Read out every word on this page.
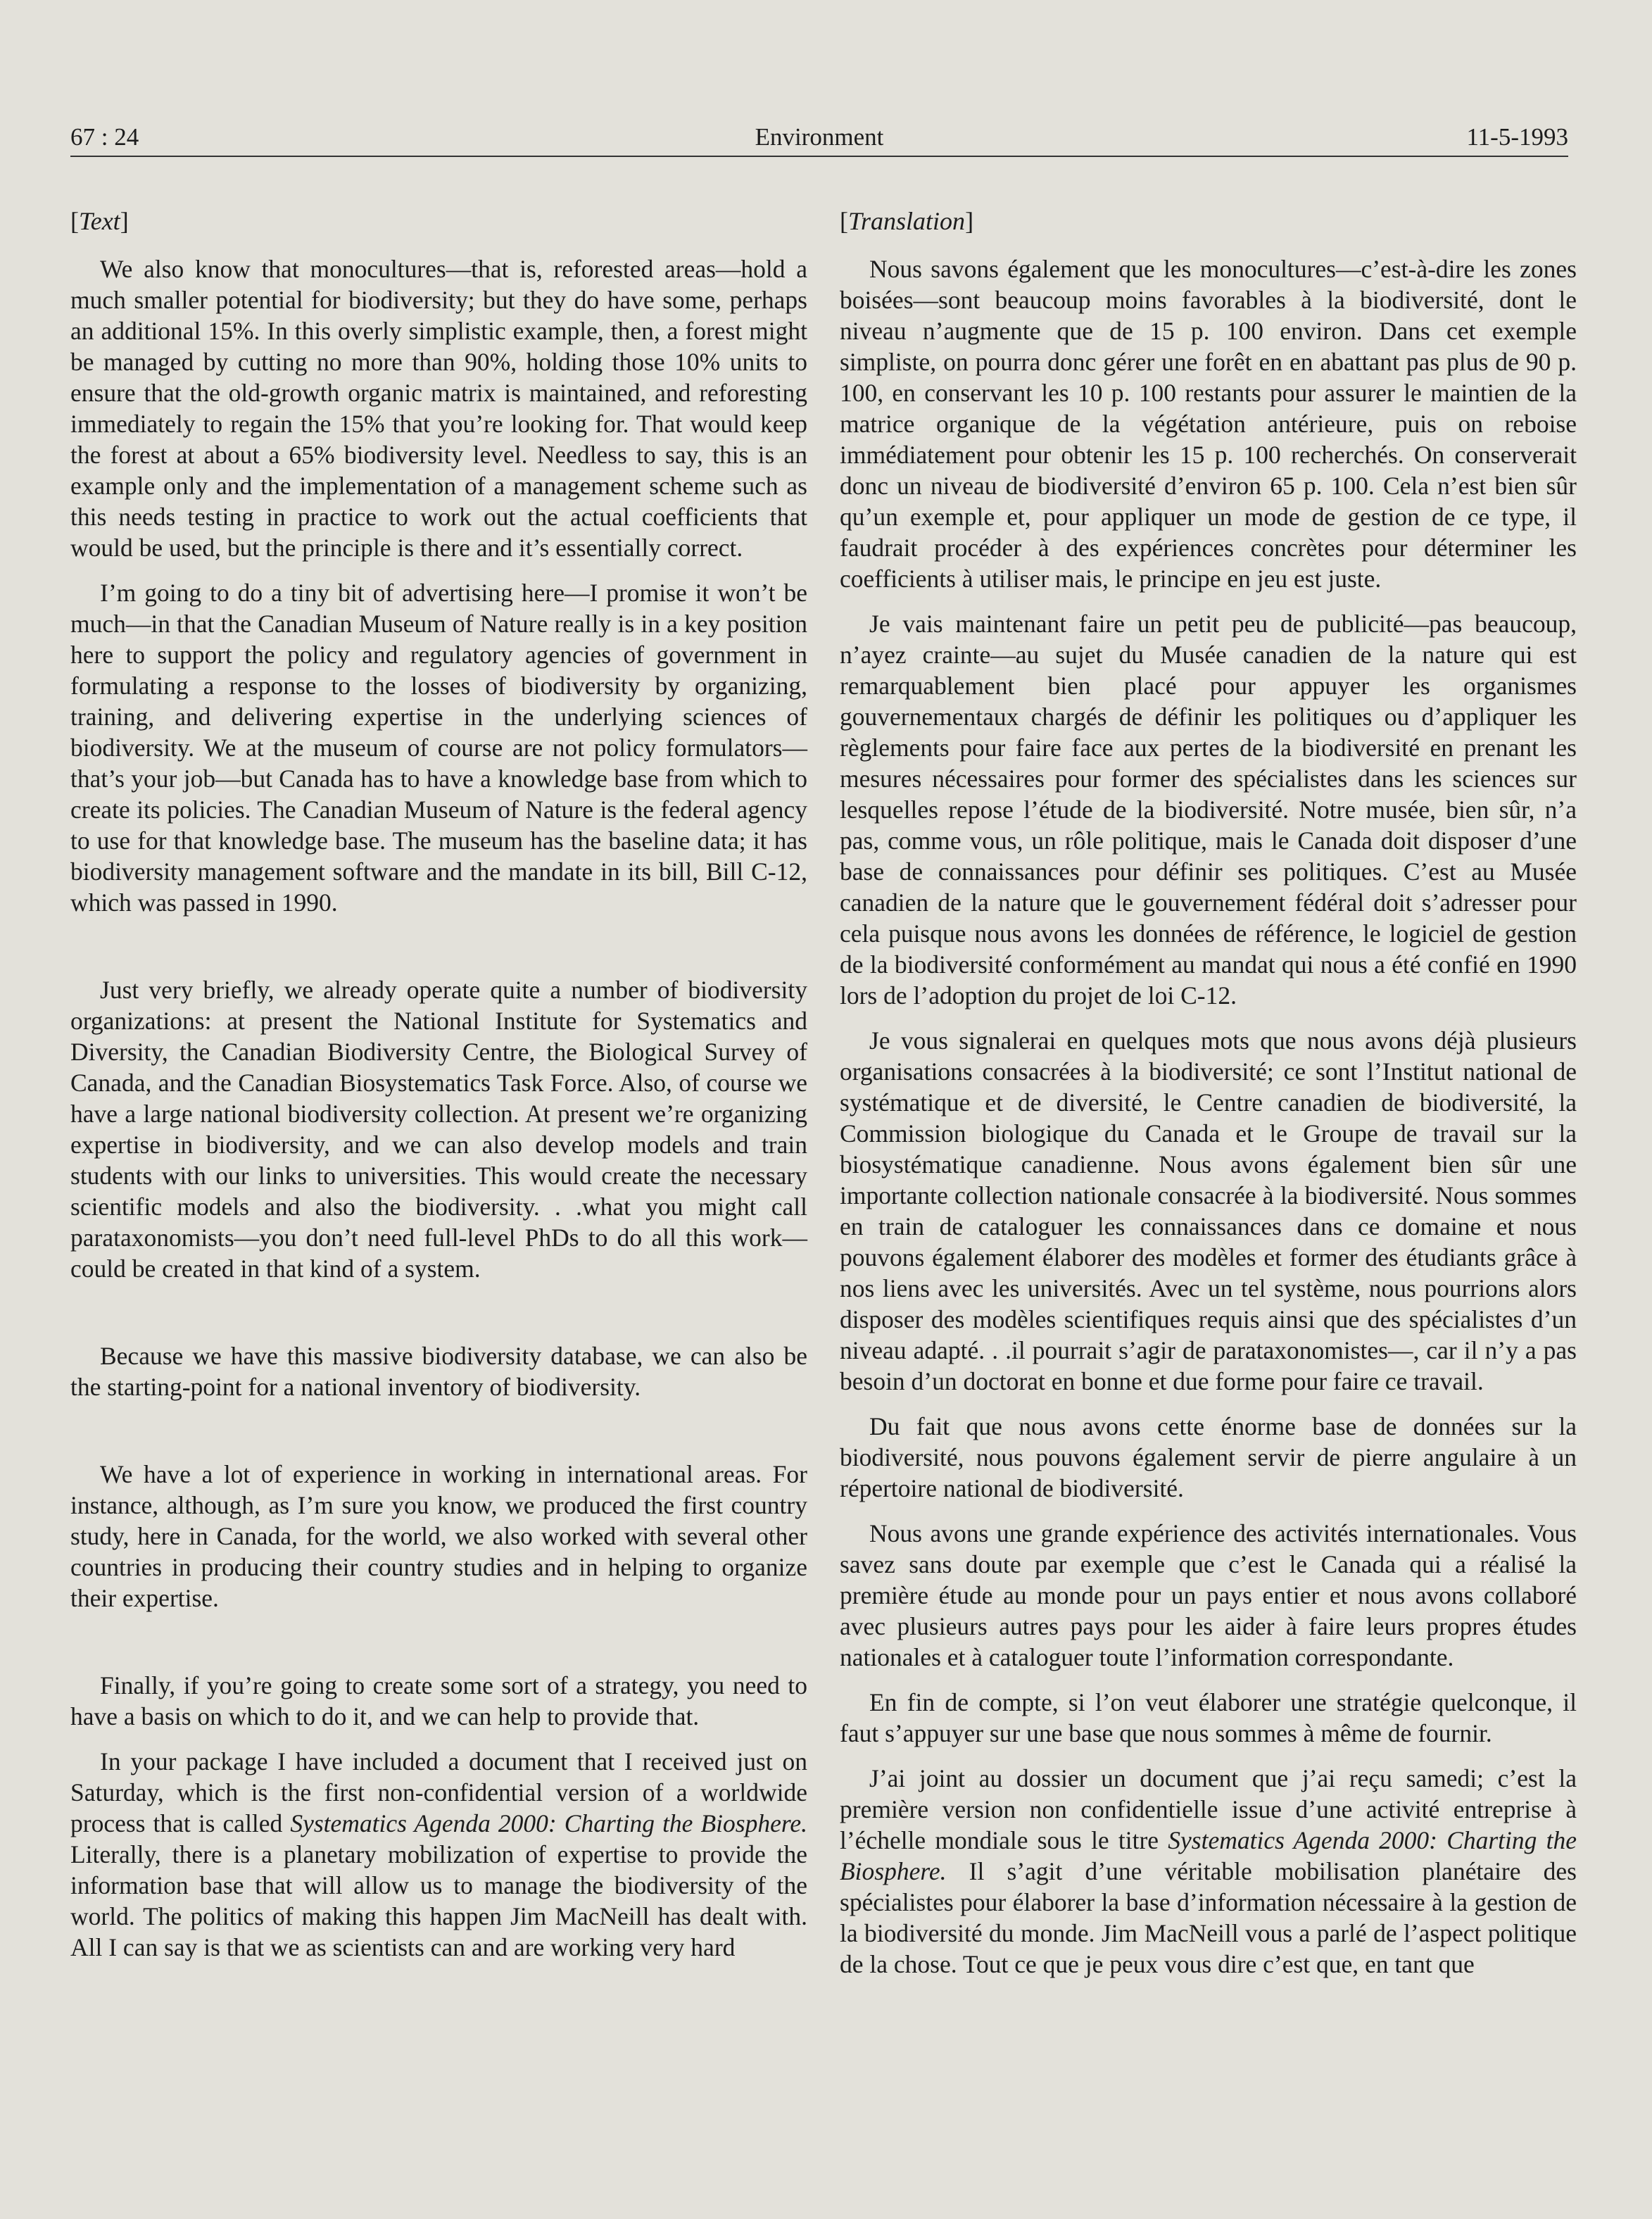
67 : 24	Environment	11-5-1993
[Text]

We also know that monocultures—that is, reforested areas—hold a much smaller potential for biodiversity; but they do have some, perhaps an additional 15%. In this overly simplistic example, then, a forest might be managed by cutting no more than 90%, holding those 10% units to ensure that the old-growth organic matrix is maintained, and reforesting immediately to regain the 15% that you’re looking for. That would keep the forest at about a 65% biodiversity level. Needless to say, this is an example only and the implementation of a management scheme such as this needs testing in practice to work out the actual coefficients that would be used, but the principle is there and it’s essentially correct.

I’m going to do a tiny bit of advertising here—I promise it won’t be much—in that the Canadian Museum of Nature really is in a key position here to support the policy and regulatory agencies of government in formulating a response to the losses of biodiversity by organizing, training, and delivering expertise in the underlying sciences of biodiversity. We at the museum of course are not policy formulators—that’s your job—but Canada has to have a knowledge base from which to create its policies. The Canadian Museum of Nature is the federal agency to use for that knowledge base. The museum has the baseline data; it has biodiversity management software and the mandate in its bill, Bill C-12, which was passed in 1990.

Just very briefly, we already operate quite a number of biodiversity organizations: at present the National Institute for Systematics and Diversity, the Canadian Biodiversity Centre, the Biological Survey of Canada, and the Canadian Biosystematics Task Force. Also, of course we have a large national biodiversity collection. At present we’re organizing expertise in biodiversity, and we can also develop models and train students with our links to universities. This would create the necessary scientific models and also the biodiversity. . .what you might call parataxonomists—you don’t need full-level PhDs to do all this work—could be created in that kind of a system.

Because we have this massive biodiversity database, we can also be the starting-point for a national inventory of biodiversity.

We have a lot of experience in working in international areas. For instance, although, as I’m sure you know, we produced the first country study, here in Canada, for the world, we also worked with several other countries in producing their country studies and in helping to organize their expertise.

Finally, if you’re going to create some sort of a strategy, you need to have a basis on which to do it, and we can help to provide that.

In your package I have included a document that I received just on Saturday, which is the first non-confidential version of a worldwide process that is called Systematics Agenda 2000: Charting the Biosphere. Literally, there is a planetary mobilization of expertise to provide the information base that will allow us to manage the biodiversity of the world. The politics of making this happen Jim MacNeill has dealt with. All I can say is that we as scientists can and are working very hard

[Translation]

Nous savons également que les monocultures—c’est-à-dire les zones boisées—sont beaucoup moins favorables à la biodiversité, dont le niveau n’augmente que de 15 p. 100 environ. Dans cet exemple simpliste, on pourra donc gérer une forêt en en abattant pas plus de 90 p. 100, en conservant les 10 p. 100 restants pour assurer le maintien de la matrice organique de la végétation antérieure, puis on reboise immédiatement pour obtenir les 15 p. 100 recherchés. On conserverait donc un niveau de biodiversité d’environ 65 p. 100. Cela n’est bien sûr qu’un exemple et, pour appliquer un mode de gestion de ce type, il faudrait procéder à des expériences concrètes pour déterminer les coefficients à utiliser mais, le principe en jeu est juste.

Je vais maintenant faire un petit peu de publicité—pas beaucoup, n’ayez crainte—au sujet du Musée canadien de la nature qui est remarquablement bien placé pour appuyer les organismes gouvernementaux chargés de définir les politiques ou d’appliquer les règlements pour faire face aux pertes de la biodiversité en prenant les mesures nécessaires pour former des spécialistes dans les sciences sur lesquelles repose l’étude de la biodiversité. Notre musée, bien sûr, n’a pas, comme vous, un rôle politique, mais le Canada doit disposer d’une base de connaissances pour définir ses politiques. C’est au Musée canadien de la nature que le gouvernement fédéral doit s’adresser pour cela puisque nous avons les données de référence, le logiciel de gestion de la biodiversité conformément au mandat qui nous a été confié en 1990 lors de l’adoption du projet de loi C-12.

Je vous signalerai en quelques mots que nous avons déjà plusieurs organisations consacrées à la biodiversité; ce sont l’Institut national de systématique et de diversité, le Centre canadien de biodiversité, la Commission biologique du Canada et le Groupe de travail sur la biosystématique canadienne. Nous avons également bien sûr une importante collection nationale consacrée à la biodiversité. Nous sommes en train de cataloguer les connaissances dans ce domaine et nous pouvons également élaborer des modèles et former des étudiants grâce à nos liens avec les universités. Avec un tel système, nous pourrions alors disposer des modèles scientifiques requis ainsi que des spécialistes d’un niveau adapté. . .il pourrait s’agir de parataxonomistes—, car il n’y a pas besoin d’un doctorat en bonne et due forme pour faire ce travail.

Du fait que nous avons cette énorme base de données sur la biodiversité, nous pouvons également servir de pierre angulaire à un répertoire national de biodiversité.

Nous avons une grande expérience des activités internationales. Vous savez sans doute par exemple que c’est le Canada qui a réalisé la première étude au monde pour un pays entier et nous avons collaboré avec plusieurs autres pays pour les aider à faire leurs propres études nationales et à cataloguer toute l’information correspondante.

En fin de compte, si l’on veut élaborer une stratégie quelconque, il faut s’appuyer sur une base que nous sommes à même de fournir.

J’ai joint au dossier un document que j’ai reçu samedi; c’est la première version non confidentielle issue d’une activité entreprise à l’échelle mondiale sous le titre Systematics Agenda 2000: Charting the Biosphere. Il s’agit d’une véritable mobilisation planétaire des spécialistes pour élaborer la base d’information nécessaire à la gestion de la biodiversité du monde. Jim MacNeill vous a parlé de l’aspect politique de la chose. Tout ce que je peux vous dire c’est que, en tant que
